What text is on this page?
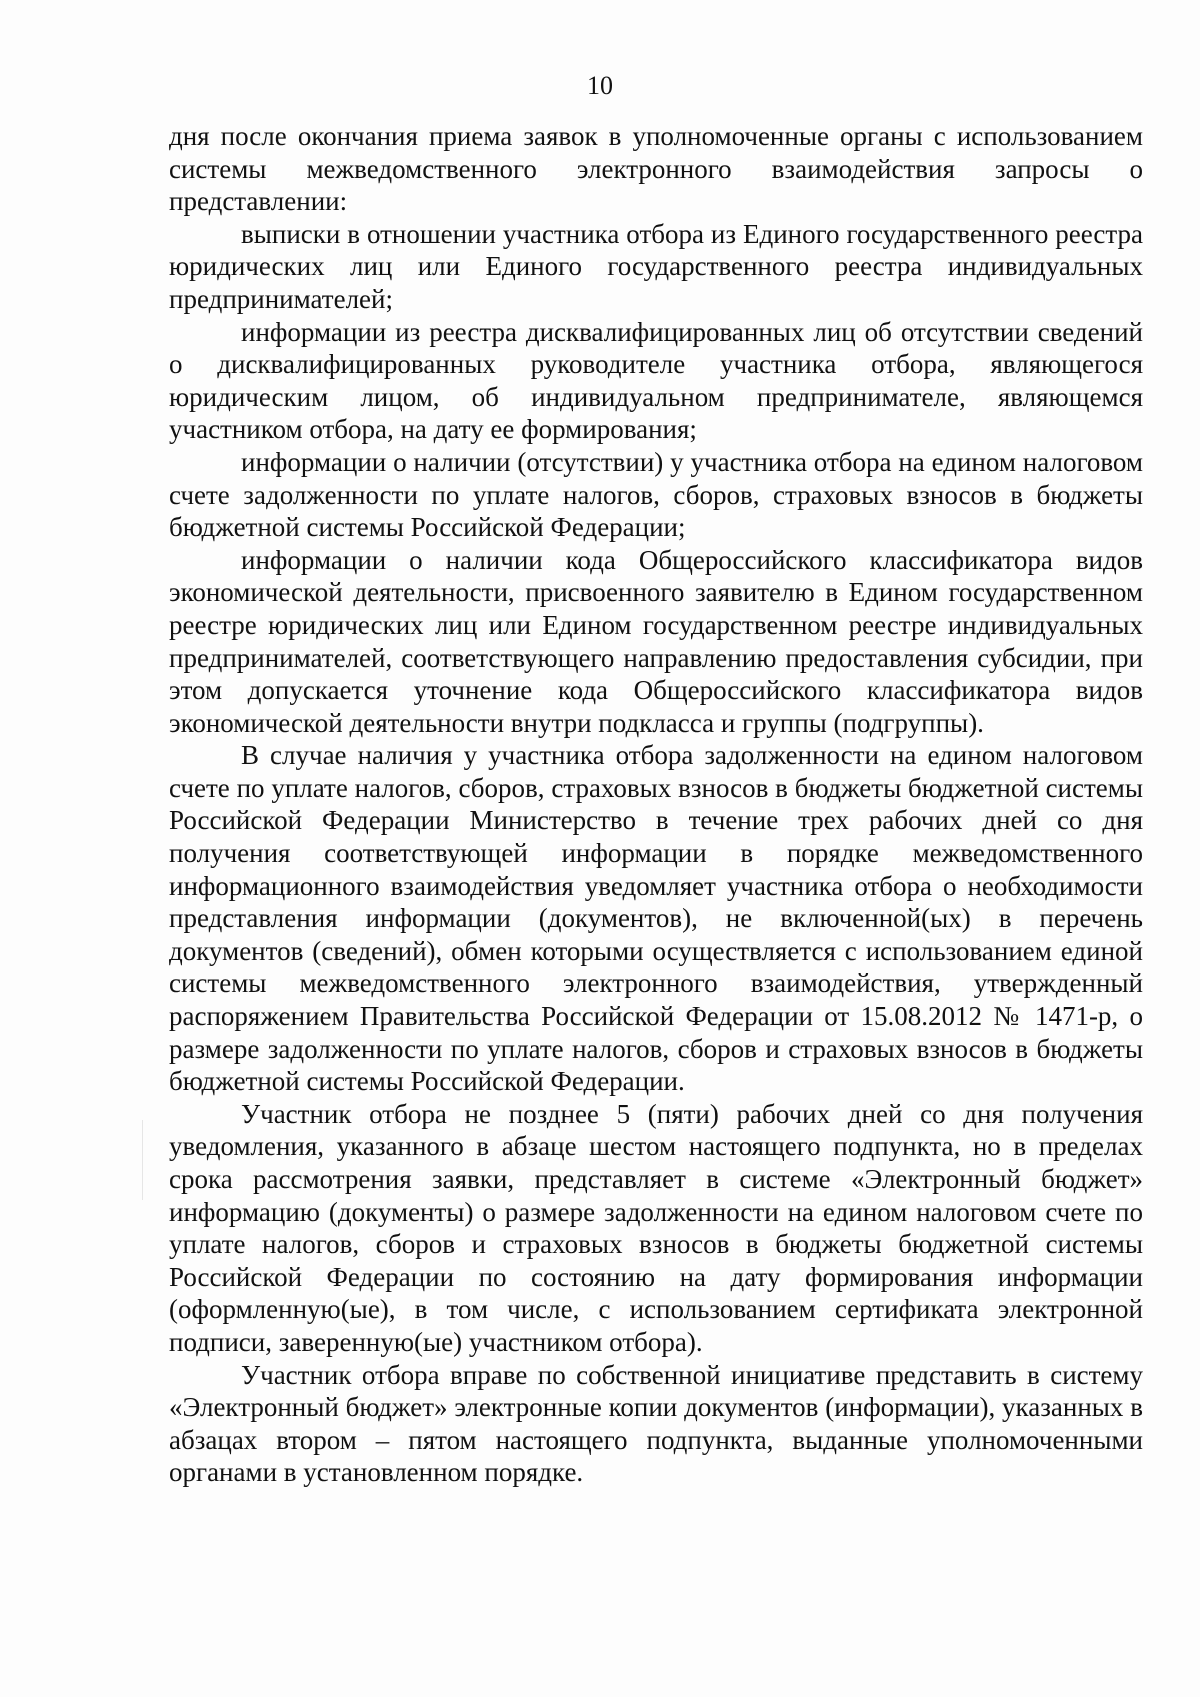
10

дня после окончания приема заявок в уполномоченные органы с использованием системы межведомственного электронного взаимодействия запросы о представлении:

выписки в отношении участника отбора из Единого государственного реестра юридических лиц или Единого государственного реестра индивидуальных предпринимателей;

информации из реестра дисквалифицированных лиц об отсутствии сведений о дисквалифицированных руководителе участника отбора, являющегося юридическим лицом, об индивидуальном предпринимателе, являющемся участником отбора, на дату ее формирования;

информации о наличии (отсутствии) у участника отбора на едином налоговом счете задолженности по уплате налогов, сборов, страховых взносов в бюджеты бюджетной системы Российской Федерации;

информации о наличии кода Общероссийского классификатора видов экономической деятельности, присвоенного заявителю в Едином государственном реестре юридических лиц или Едином государственном реестре индивидуальных предпринимателей, соответствующего направлению предоставления субсидии, при этом допускается уточнение кода Общероссийского классификатора видов экономической деятельности внутри подкласса и группы (подгруппы).

В случае наличия у участника отбора задолженности на едином налоговом счете по уплате налогов, сборов, страховых взносов в бюджеты бюджетной системы Российской Федерации Министерство в течение трех рабочих дней со дня получения соответствующей информации в порядке межведомственного информационного взаимодействия уведомляет участника отбора о необходимости представления информации (документов), не включенной(ых) в перечень документов (сведений), обмен которыми осуществляется с использованием единой системы межведомственного электронного взаимодействия, утвержденный распоряжением Правительства Российской Федерации от 15.08.2012 № 1471-р, о размере задолженности по уплате налогов, сборов и страховых взносов в бюджеты бюджетной системы Российской Федерации.

Участник отбора не позднее 5 (пяти) рабочих дней со дня получения уведомления, указанного в абзаце шестом настоящего подпункта, но в пределах срока рассмотрения заявки, представляет в системе «Электронный бюджет» информацию (документы) о размере задолженности на едином налоговом счете по уплате налогов, сборов и страховых взносов в бюджеты бюджетной системы Российской Федерации по состоянию на дату формирования информации (оформленную(ые), в том числе, с использованием сертификата электронной подписи, заверенную(ые) участником отбора).

Участник отбора вправе по собственной инициативе представить в систему «Электронный бюджет» электронные копии документов (информации), указанных в абзацах втором – пятом настоящего подпункта, выданные уполномоченными органами в установленном порядке.
